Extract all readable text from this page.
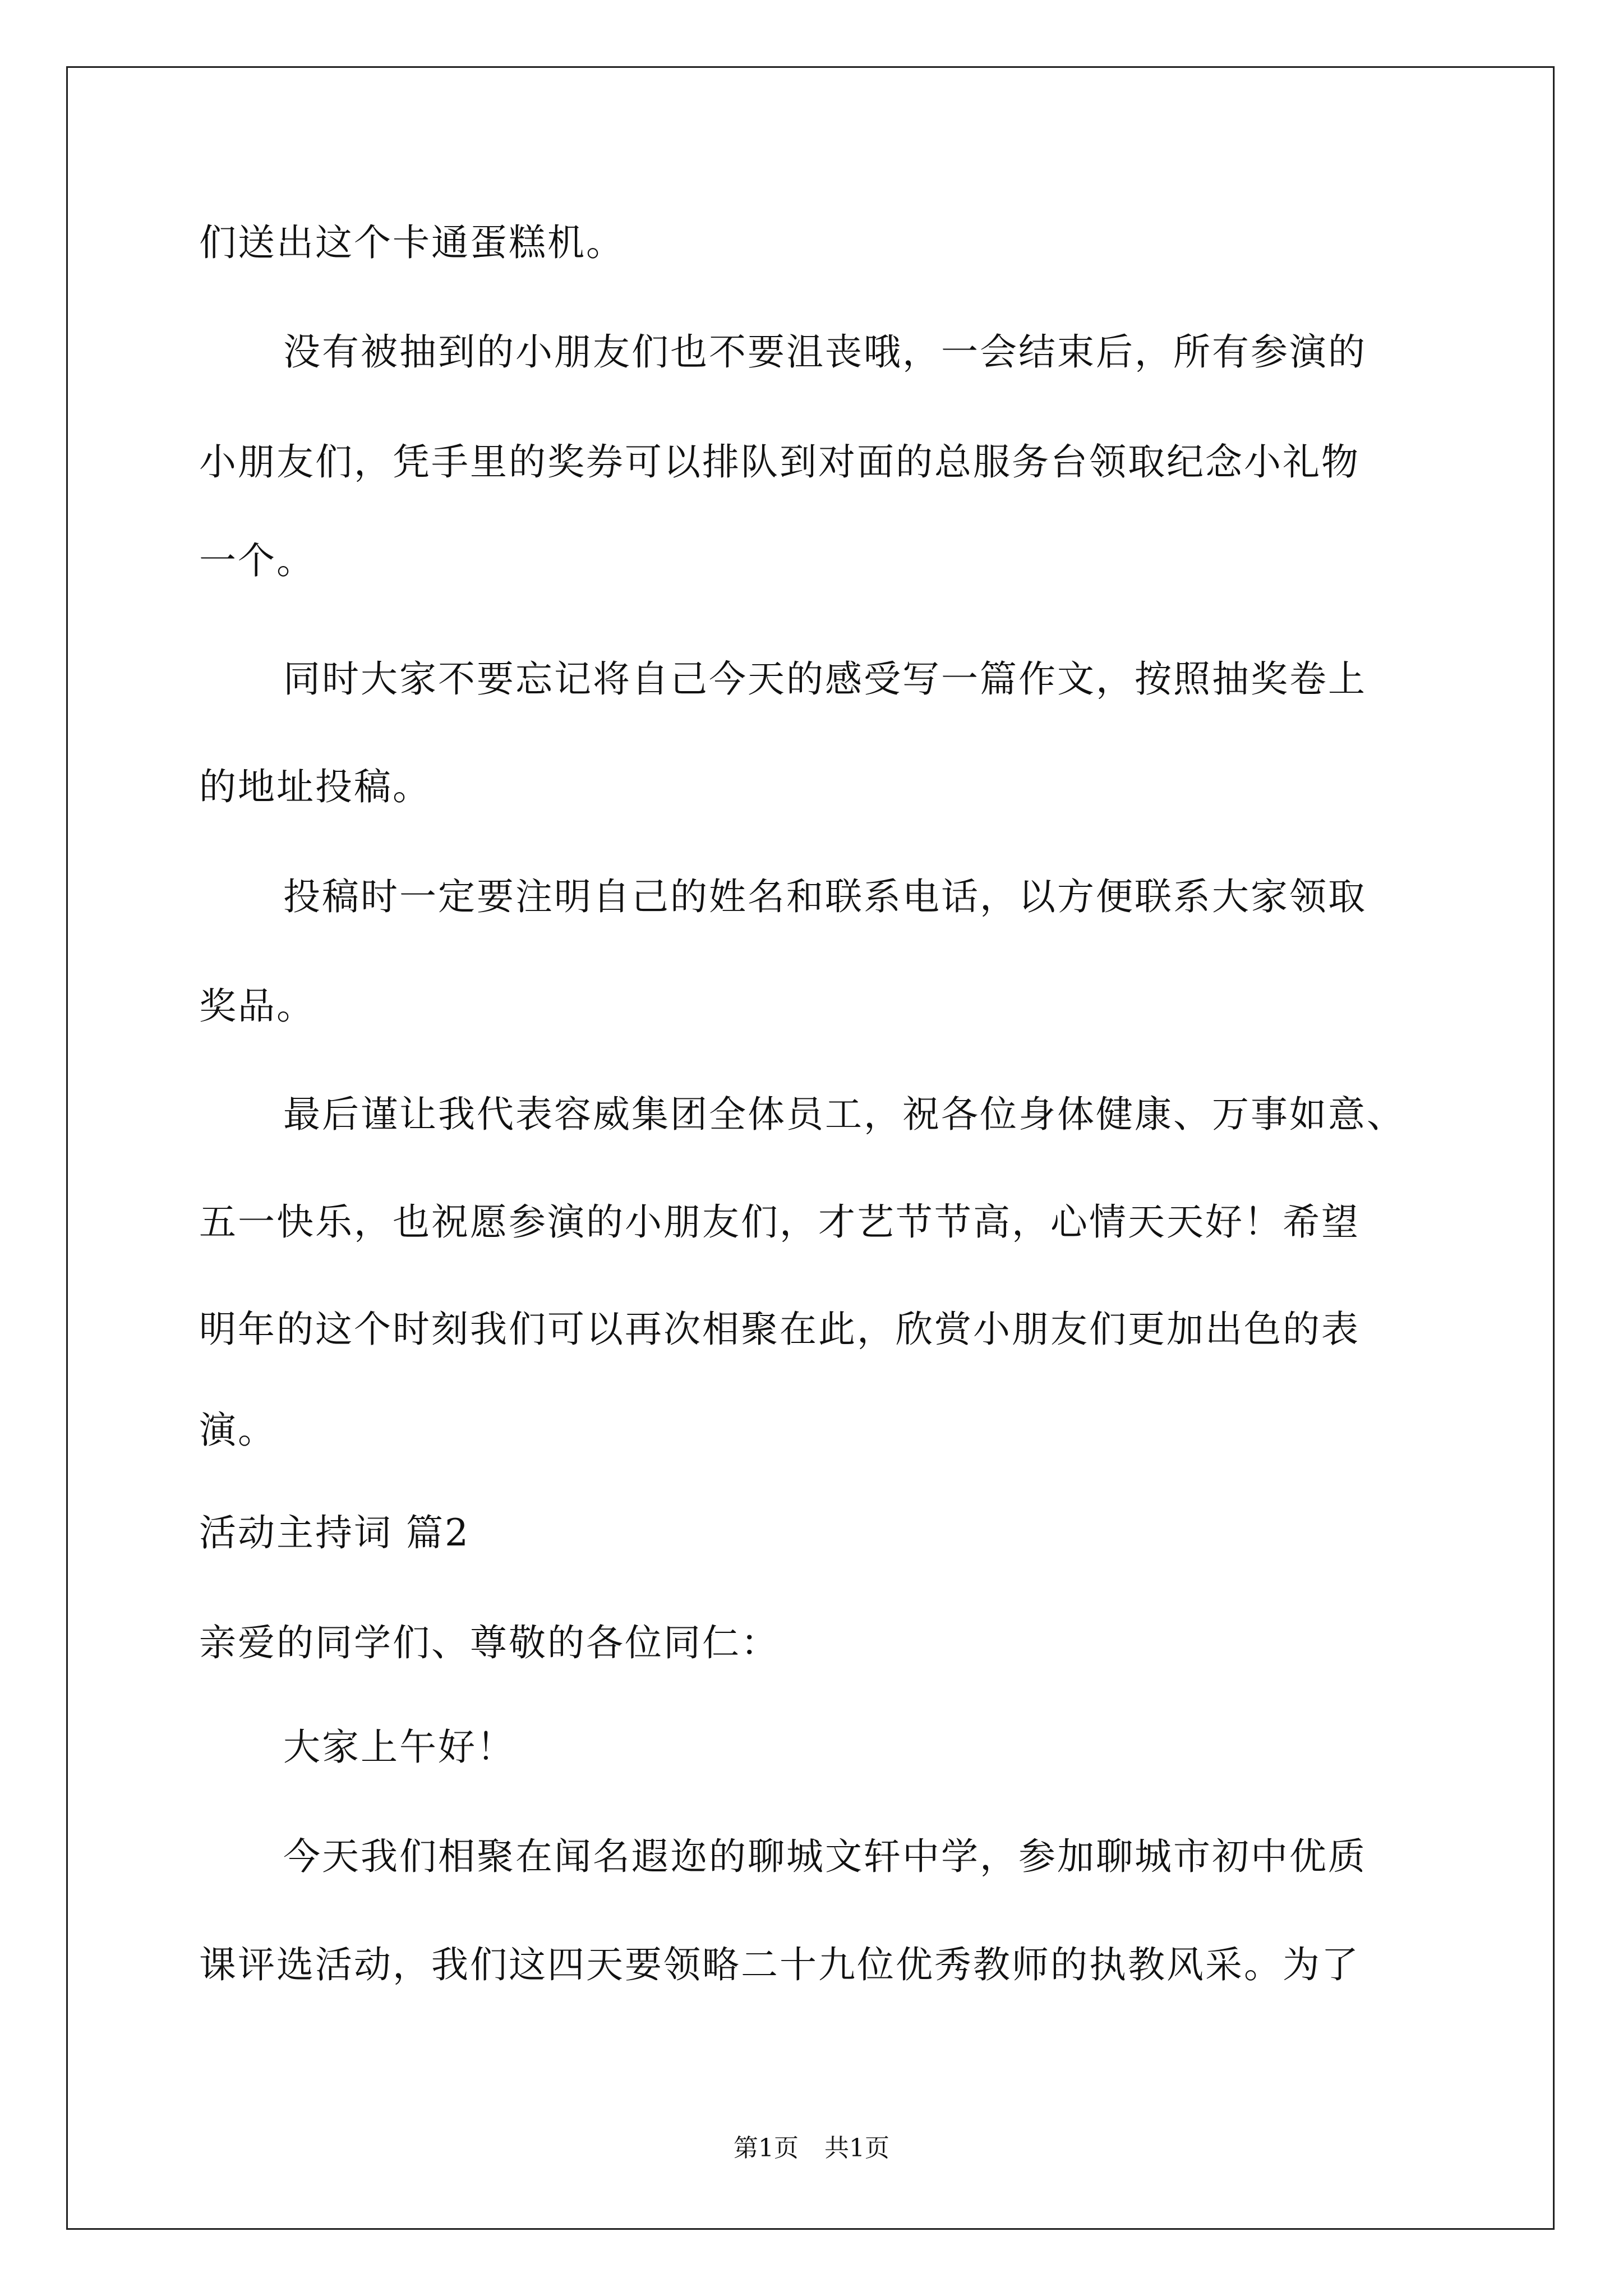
们送出这个卡通蛋糕机。
没有被抽到的小朋友们也不要沮丧哦，一会结束后，所有参演的
小朋友们，凭手里的奖券可以排队到对面的总服务台领取纪念小礼物
一个。
同时大家不要忘记将自己今天的感受写一篇作文，按照抽奖卷上
的地址投稿。
投稿时一定要注明自己的姓名和联系电话，以方便联系大家领取
奖品。
最后谨让我代表容威集团全体员工，祝各位身体健康、万事如意、
五一快乐，也祝愿参演的小朋友们，才艺节节高，心情天天好！希望
明年的这个时刻我们可以再次相聚在此，欣赏小朋友们更加出色的表
演。
活动主持词 篇2
亲爱的同学们、尊敬的各位同仁：
大家上午好！
今天我们相聚在闻名遐迩的聊城文轩中学，参加聊城市初中优质
课评选活动，我们这四天要领略二十九位优秀教师的执教风采。为了
第1页 共1页
